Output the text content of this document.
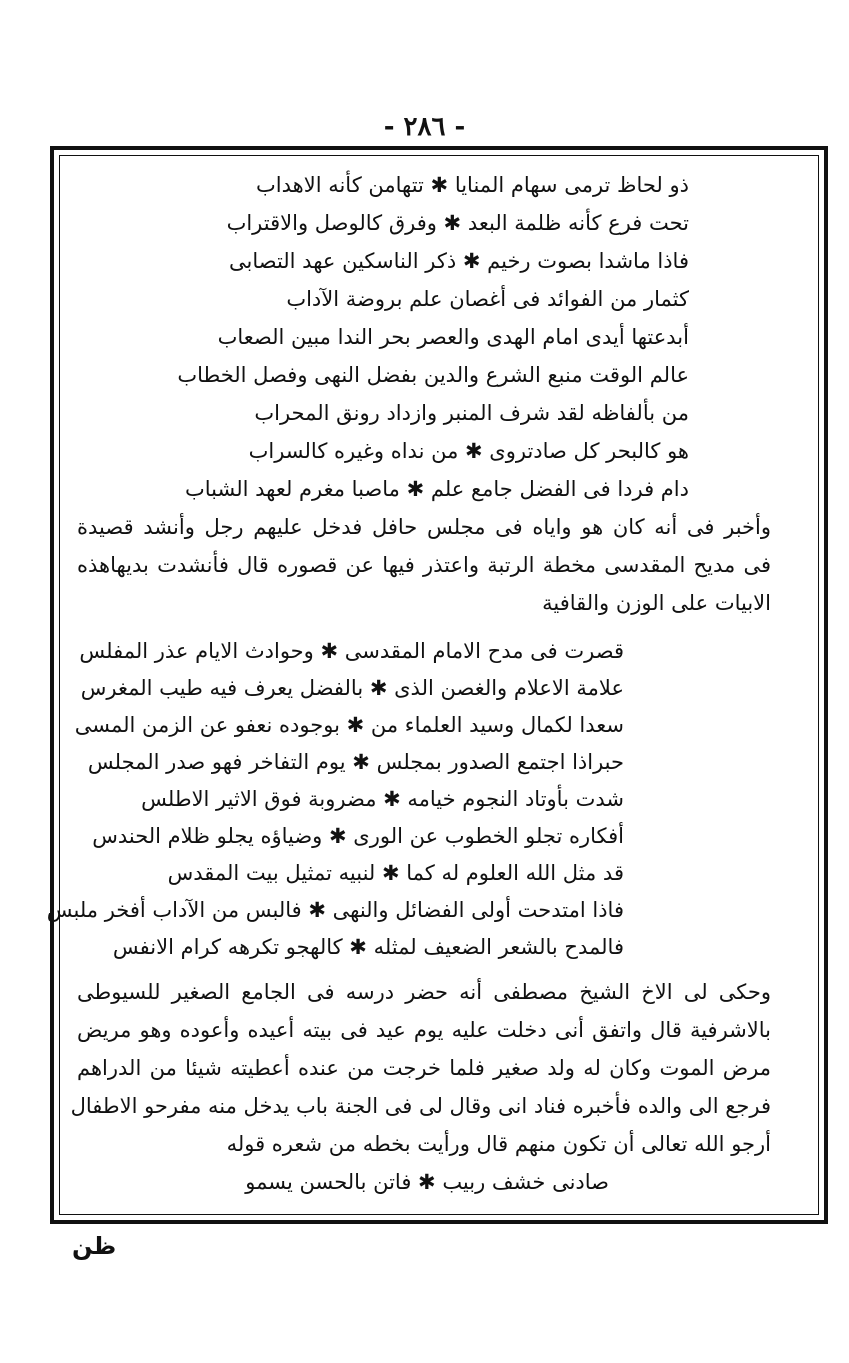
- ٢٨٦ -
ذو لحاظ ترمى سهام المنايا ✱ تتهامن كأنه الاهداب
تحت فرع كأنه ظلمة البعد ✱ وفرق كالوصل والاقتراب
فاذا ماشدا بصوت رخيم ✱ ذكر الناسكين عهد التصابى
كثمار من الفوائد فى أغصان علم بروضة الآداب
أبدعتها أيدى امام الهدى والعصر بحر الندا مبين الصعاب
عالم الوقت منبع الشرع والدين بفضل النهى وفصل الخطاب
من بألفاظه لقد شرف المنبر وازداد رونق المحراب
هو كالبحر كل صادتروى ✱ من نداه وغيره كالسراب
دام فردا فى الفضل جامع علم ✱ ماصبا مغرم لعهد الشباب
وأخبر فى أنه كان هو واياه فى مجلس حافل فدخل عليهم رجل وأنشد قصيدة
فى مديح المقدسى مخطة الرتبة واعتذر فيها عن قصوره قال فأنشدت بديهاهذه
الابيات على الوزن والقافية
قصرت فى مدح الامام المقدسى ✱ وحوادث الايام عذر المفلس
علامة الاعلام والغصن الذى ✱ بالفضل يعرف فيه طيب المغرس
سعدا لكمال وسيد العلماء من ✱ بوجوده نعفو عن الزمن المسى
حبراذا اجتمع الصدور بمجلس ✱ يوم التفاخر فهو صدر المجلس
شدت بأوتاد النجوم خيامه ✱ مضروبة فوق الاثير الاطلس
أفكاره تجلو الخطوب عن الورى ✱ وضياؤه يجلو ظلام الحندس
قد مثل الله العلوم له كما ✱ لنبيه تمثيل بيت المقدس
فاذا امتدحت أولى الفضائل والنهى ✱ فالبس من الآداب أفخر ملبس
فالمدح بالشعر الضعيف لمثله ✱ كالهجو تكرهه كرام الانفس
وحكى لى الاخ الشيخ مصطفى أنه حضر درسه فى الجامع الصغير للسيوطى
بالاشرفية قال واتفق أنى دخلت عليه يوم عيد فى بيته أعيده وأعوده وهو مريض
مرض الموت وكان له ولد صغير فلما خرجت من عنده أعطيته شيئا من الدراهم
فرجع الى والده فأخبره فناد انى وقال لى فى الجنة باب يدخل منه مفرحو الاطفال
أرجو الله تعالى أن تكون منهم قال ورأيت بخطه من شعره قوله
صادنى خشف ربيب ✱ فاتن بالحسن يسمو
ظن
